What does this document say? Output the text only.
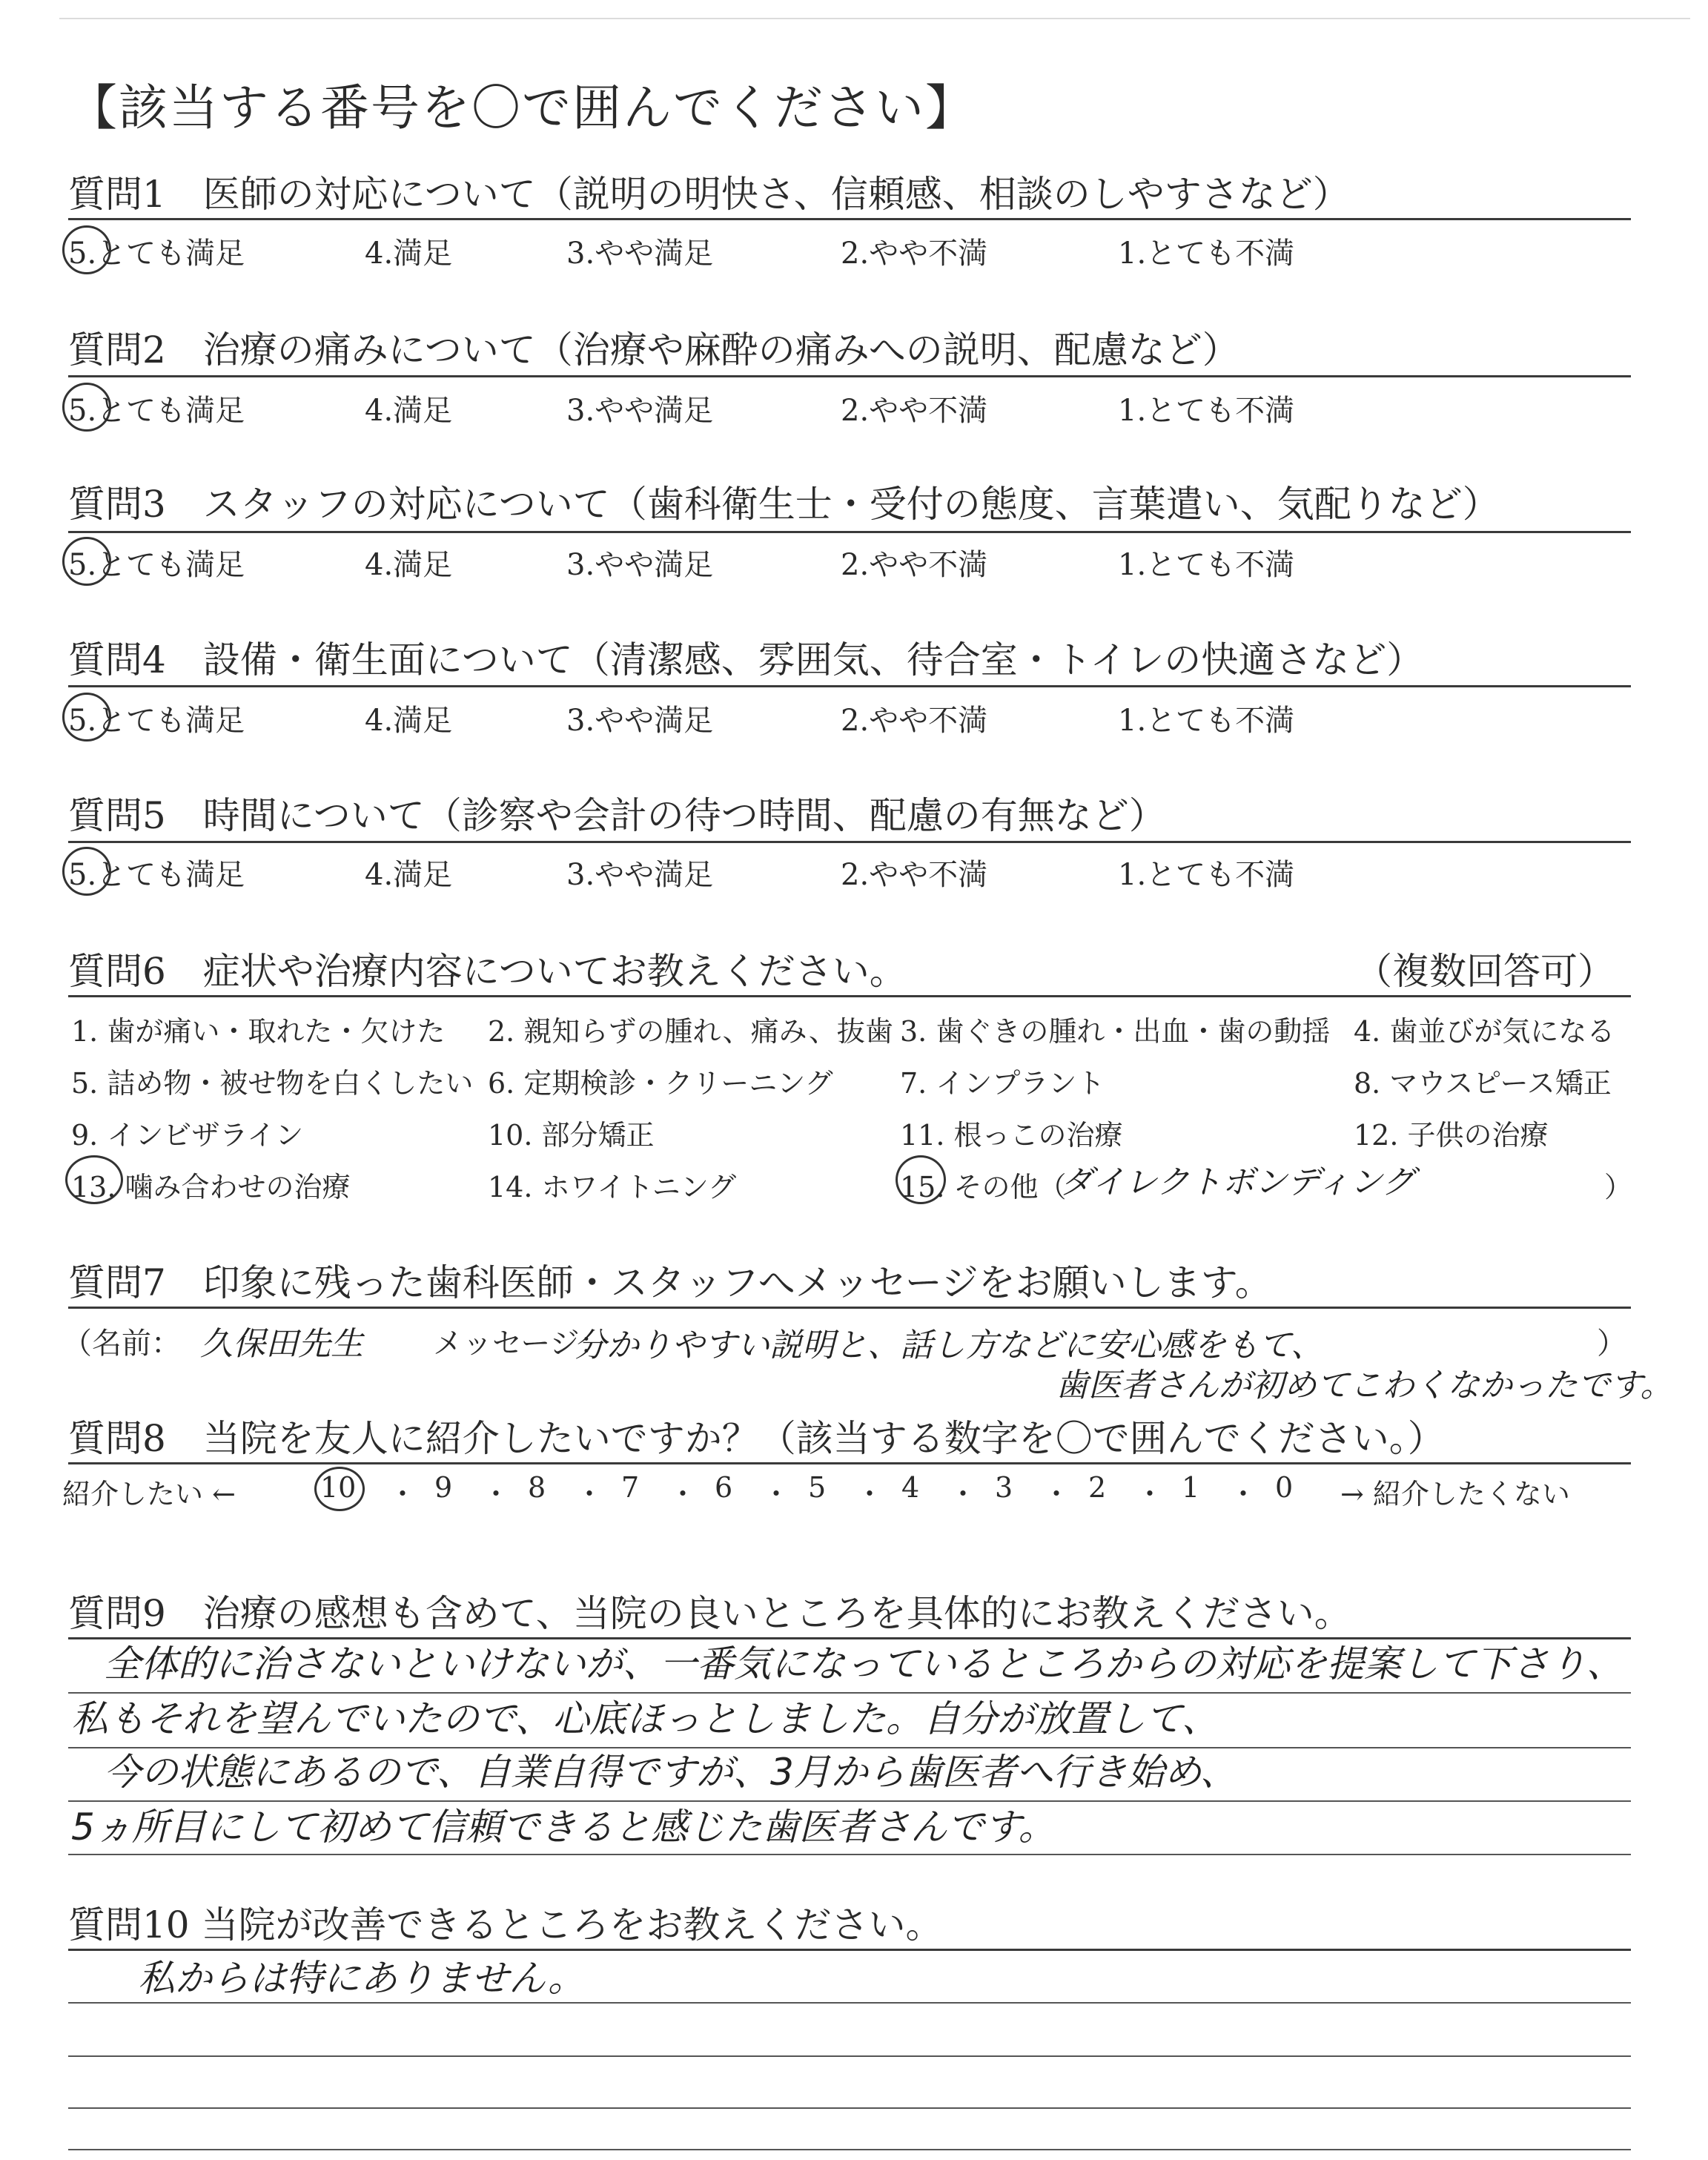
【該当する番号を〇で囲んでください】
質問1　医師の対応について（説明の明快さ、信頼感、相談のしやすさなど）
5.とても満足	4.満足	3.やや満足	2.やや不満	1.とても不満
質問2　治療の痛みについて（治療や麻酔の痛みへの説明、配慮など）
5.とても満足	4.満足	3.やや満足	2.やや不満	1.とても不満
質問3　スタッフの対応について（歯科衛生士・受付の態度、言葉遣い、気配りなど）
5.とても満足	4.満足	3.やや満足	2.やや不満	1.とても不満
質問4　設備・衛生面について（清潔感、雰囲気、待合室・トイレの快適さなど）
5.とても満足	4.満足	3.やや満足	2.やや不満	1.とても不満
質問5　時間について（診察や会計の待つ時間、配慮の有無など）
5.とても満足	4.満足	3.やや満足	2.やや不満	1.とても不満
質問6　症状や治療内容についてお教えください。	（複数回答可）
1. 歯が痛い・取れた・欠けた 2. 親知らずの腫れ、痛み、抜歯 3. 歯ぐきの腫れ・出血・歯の動揺 4. 歯並びが気になる
5. 詰め物・被せ物を白くしたい 6. 定期検診・クリーニング 7. インプラント	8. マウスピース矯正
9. インビザライン	10. 部分矯正	11. 根っこの治療	12. 子供の治療
13. 噛み合わせの治療	14. ホワイトニング	15. その他（
ダイレクトボンディング	）
質問7　印象に残った歯科医師・スタッフへメッセージをお願いします。
（名前： 久保田先生 メッセージ：
分かりやすい説明と、話し方などに安心感をもて、	）
歯医者さんが初めてこわくなかったです。
質問8　当院を友人に紹介したいですか？（該当する数字を〇で囲んでください。）
紹介したい ←	10 ・ 9 ・ 8 ・ 7 ・ 6 ・ 5 ・ 4 ・ 3 ・ 2 ・ 1 ・ 0 → 紹介したくない
質問9　治療の感想も含めて、当院の良いところを具体的にお教えください。
全体的に治さないといけないが、一番気になっているところからの対応を提案して下さり、
私もそれを望んでいたので、心底ほっとしました。自分が放置して、
今の状態にあるので、自業自得ですが、3月から歯医者へ行き始め、
5ヵ所目にして初めて信頼できると感じた歯医者さんです。
質問10 当院が改善できるところをお教えください。
私からは特にありません。
